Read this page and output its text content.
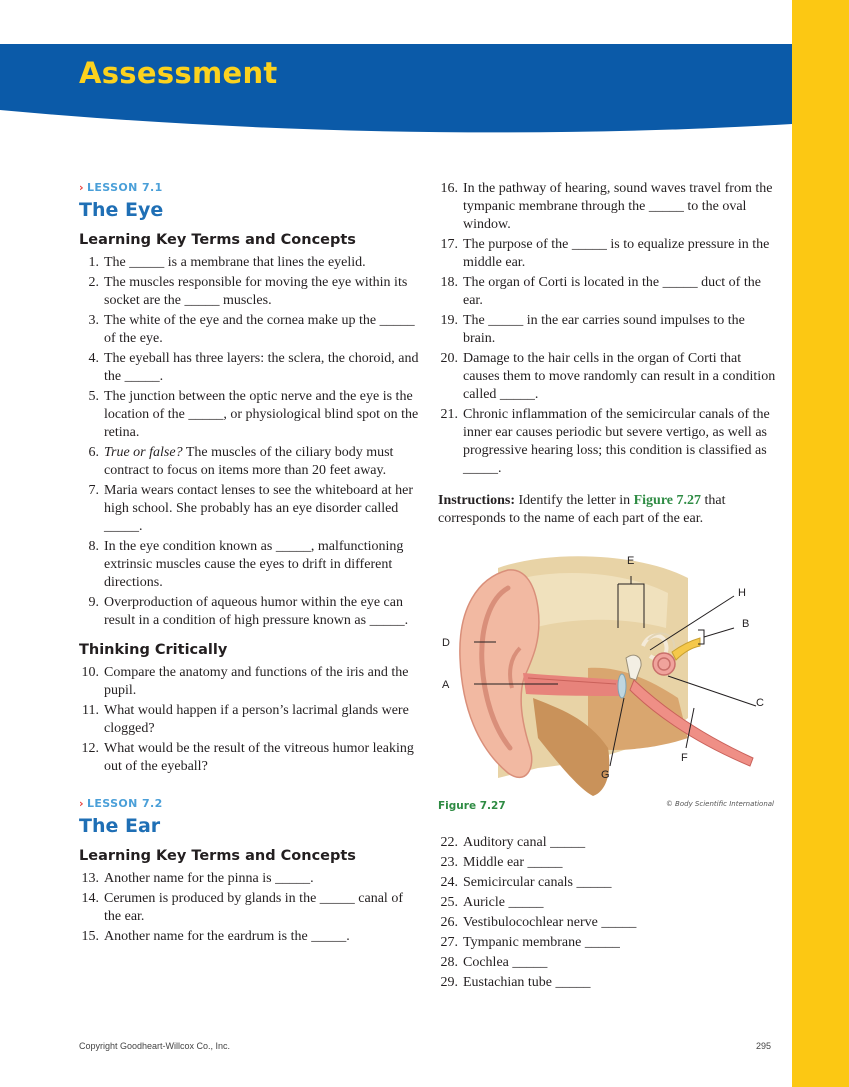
Assessment

› LESSON 7.1

The Eye
Learning Key Terms and Concepts
1. The _____ is a membrane that lines the eyelid.
2. The muscles responsible for moving the eye within its socket are the _____ muscles.
3. The white of the eye and the cornea make up the _____ of the eye.
4. The eyeball has three layers: the sclera, the choroid, and the _____.
5. The junction between the optic nerve and the eye is the location of the _____, or physiological blind spot on the retina.
6. True or false? The muscles of the ciliary body must contract to focus on items more than 20 feet away.
7. Maria wears contact lenses to see the whiteboard at her high school. She probably has an eye disorder called _____.
8. In the eye condition known as _____, malfunctioning extrinsic muscles cause the eyes to drift in different directions.
9. Overproduction of aqueous humor within the eye can result in a condition of high pressure known as _____.
Thinking Critically
10. Compare the anatomy and functions of the iris and the pupil.
11. What would happen if a person’s lacrimal glands were clogged?
12. What would be the result of the vitreous humor leaking out of the eyeball?

› LESSON 7.2

The Ear
Learning Key Terms and Concepts
13. Another name for the pinna is _____.
14. Cerumen is produced by glands in the _____ canal of the ear.
15. Another name for the eardrum is the _____.
16. In the pathway of hearing, sound waves travel from the tympanic membrane through the _____ to the oval window.
17. The purpose of the _____ is to equalize pressure in the middle ear.
18. The organ of Corti is located in the _____ duct of the ear.
19. The _____ in the ear carries sound impulses to the brain.
20. Damage to the hair cells in the organ of Corti that causes them to move randomly can result in a condition called _____.
21. Chronic inflammation of the semicircular canals of the inner ear causes periodic but severe vertigo, as well as progressive hearing loss; this condition is classified as _____.

Instructions: Identify the letter in Figure 7.27 that corresponds to the name of each part of the ear.

A
B
C
D
E
F
G
H
Figure 7.27	© Body Scientific International
22. Auditory canal _____
23. Middle ear _____
24. Semicircular canals _____
25. Auricle _____
26. Vestibulocochlear nerve _____
27. Tympanic membrane _____
28. Cochlea _____
29. Eustachian tube _____
Copyright Goodheart-Willcox Co., Inc.	295
